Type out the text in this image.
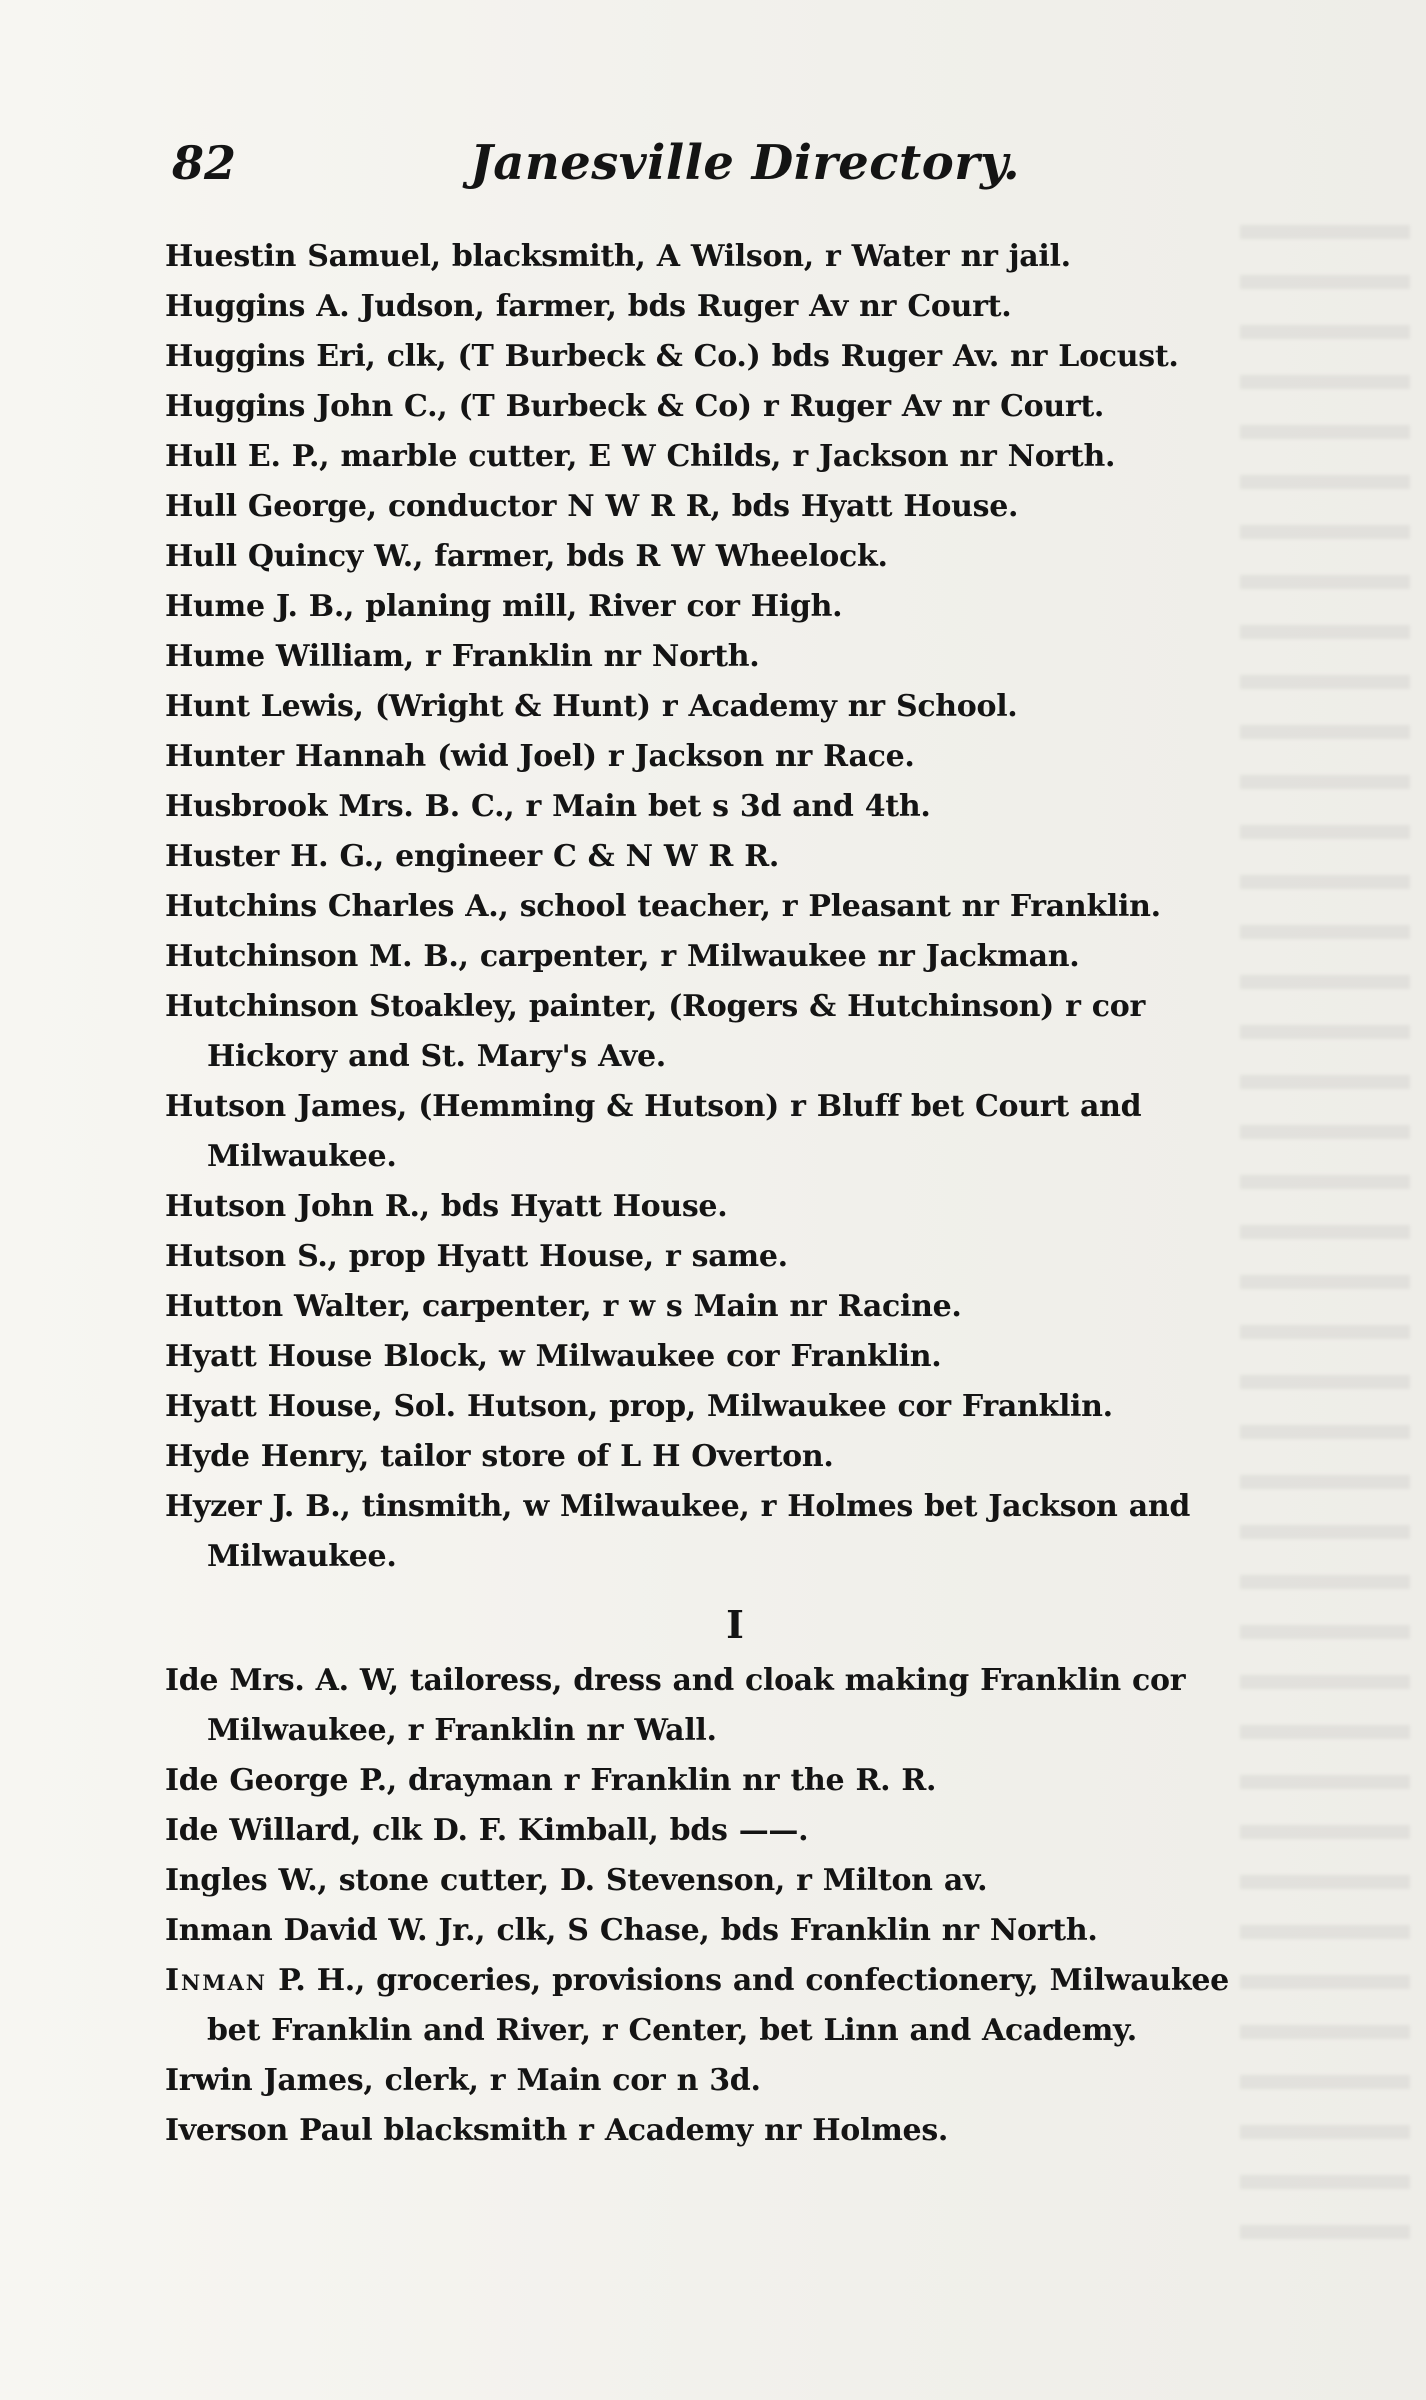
82	Janesville Directory.
Huestin Samuel, blacksmith, A Wilson, r Water nr jail.
Huggins A. Judson, farmer, bds Ruger Av nr Court.
Huggins Eri, clk, (T Burbeck & Co.) bds Ruger Av. nr Locust.
Huggins John C., (T Burbeck & Co) r Ruger Av nr Court.
Hull E. P., marble cutter, E W Childs, r Jackson nr North.
Hull George, conductor N W R R, bds Hyatt House.
Hull Quincy W., farmer, bds R W Wheelock.
Hume J. B., planing mill, River cor High.
Hume William, r Franklin nr North.
Hunt Lewis, (Wright & Hunt) r Academy nr School.
Hunter Hannah (wid Joel) r Jackson nr Race.
Husbrook Mrs. B. C., r Main bet s 3d and 4th.
Huster H. G., engineer C & N W R R.
Hutchins Charles A., school teacher, r Pleasant nr Franklin.
Hutchinson M. B., carpenter, r Milwaukee nr Jackman.
Hutchinson Stoakley, painter, (Rogers & Hutchinson) r cor Hickory and St. Mary's Ave.
Hutson James, (Hemming & Hutson) r Bluff bet Court and Milwaukee.
Hutson John R., bds Hyatt House.
Hutson S., prop Hyatt House, r same.
Hutton Walter, carpenter, r w s Main nr Racine.
Hyatt House Block, w Milwaukee cor Franklin.
Hyatt House, Sol. Hutson, prop, Milwaukee cor Franklin.
Hyde Henry, tailor store of L H Overton.
Hyzer J. B., tinsmith, w Milwaukee, r Holmes bet Jackson and Milwaukee.
I
Ide Mrs. A. W, tailoress, dress and cloak making Franklin cor Milwaukee, r Franklin nr Wall.
Ide George P., drayman r Franklin nr the R. R.
Ide Willard, clk D. F. Kimball, bds ——.
Ingles W., stone cutter, D. Stevenson, r Milton av.
Inman David W. Jr., clk, S Chase, bds Franklin nr North.
Inman P. H., groceries, provisions and confectionery, Milwaukee bet Franklin and River, r Center, bet Linn and Academy.
Irwin James, clerk, r Main cor n 3d.
Iverson Paul blacksmith r Academy nr Holmes.
